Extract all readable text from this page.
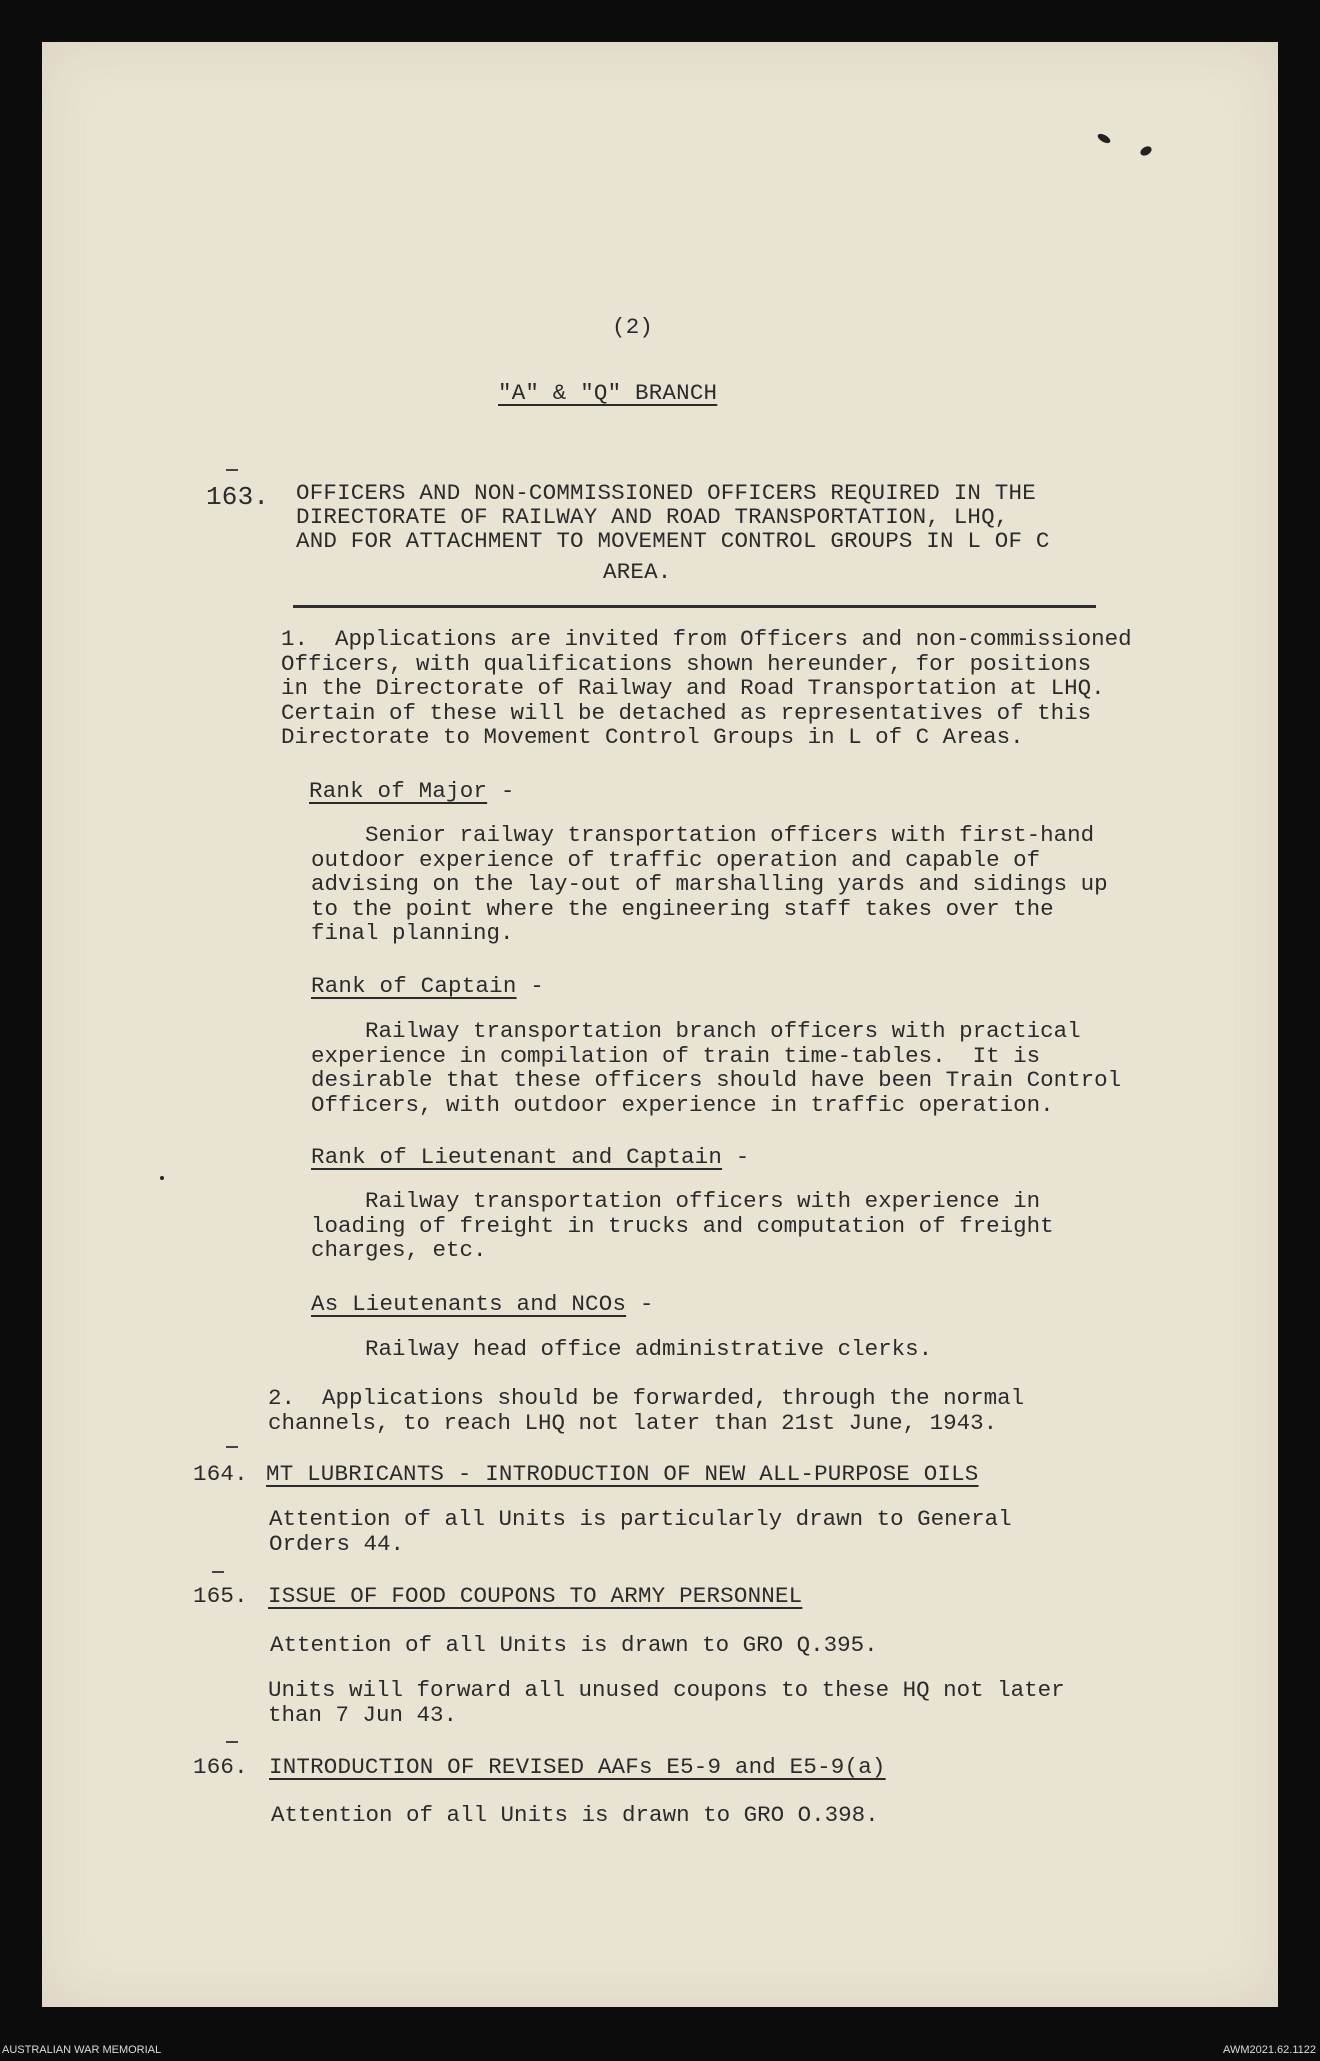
(2)
"A" & "Q" BRANCH
163. OFFICERS AND NON-COMMISSIONED OFFICERS REQUIRED IN THE
DIRECTORATE OF RAILWAY AND ROAD TRANSPORTATION, LHQ,
AND FOR ATTACHMENT TO MOVEMENT CONTROL GROUPS IN L OF C
AREA.
1.  Applications are invited from Officers and non-commissioned
Officers, with qualifications shown hereunder, for positions
in the Directorate of Railway and Road Transportation at LHQ.
Certain of these will be detached as representatives of this
Directorate to Movement Control Groups in L of C Areas.
Rank of Major -
Senior railway transportation officers with first-hand
outdoor experience of traffic operation and capable of
advising on the lay-out of marshalling yards and sidings up
to the point where the engineering staff takes over the
final planning.
Rank of Captain -
Railway transportation branch officers with practical
experience in compilation of train time-tables.  It is
desirable that these officers should have been Train Control
Officers, with outdoor experience in traffic operation.
Rank of Lieutenant and Captain -
Railway transportation officers with experience in
loading of freight in trucks and computation of freight
charges, etc.
As Lieutenants and NCOs -
Railway head office administrative clerks.
2.  Applications should be forwarded, through the normal
channels, to reach LHQ not later than 21st June, 1943.
164. MT LUBRICANTS - INTRODUCTION OF NEW ALL-PURPOSE OILS
Attention of all Units is particularly drawn to General
Orders 44.
165. ISSUE OF FOOD COUPONS TO ARMY PERSONNEL
Attention of all Units is drawn to GRO Q.395.
Units will forward all unused coupons to these HQ not later
than 7 Jun 43.
166. INTRODUCTION OF REVISED AAFs E5-9 and E5-9(a)
Attention of all Units is drawn to GRO O.398.
AUSTRALIAN WAR MEMORIAL	AWM2021.62.1122
